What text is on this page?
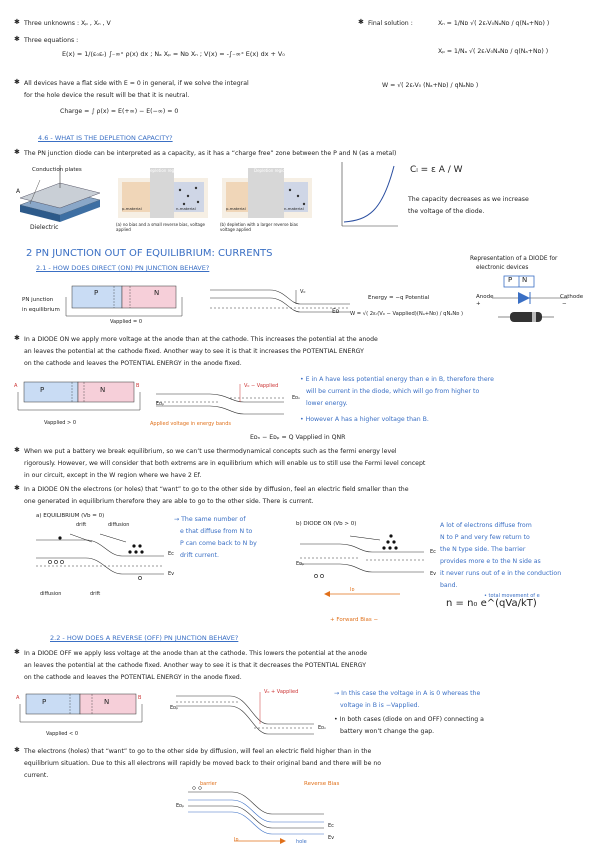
✱ Three unknowns : Xₚ , Xₙ , V
✱ Three equations :
E(x) = 1/(ε₀εᵣ) ∫₋∞ˣ ρ(x) dx ; Nₐ Xₚ = Nᴅ Xₙ ; V(x) = -∫₋∞ˣ E(x) dx + V₀
✱ All devices have a flat side with E = 0 in general, if we solve the integral
for the hole device the result will be that it is neutral.
Charge = ∫ ρ(x) = E(+∞) − E(−∞) = 0
✱ Final solution :	Xₙ = 1/Nᴅ √( 2εᵣV₀NₐNᴅ / q(Nₐ+Nᴅ) )
Xₚ = 1/Nₐ √( 2εᵣV₀NₐNᴅ / q(Nₐ+Nᴅ) )
W = √( 2εᵣV₀ (Nₐ+Nᴅ) / qNₐNᴅ )
4.6 - WHAT IS THE DEPLETION CAPACITY?
✱ The PN junction diode can be interpreted as a capacity, as it has a “charge free” zone between the P and N (as a metal)
Conduction plates
Dielectric
A
Depletion region
p-material	n-material
(a) no bias and a small reverse bias, voltage applied
Depletion region
p-material	n-material
(b) depletion with a larger reverse bias voltage applied
Cₗ = ε A / W
The capacity decreases as we increase
the voltage of the diode.
2 PN JUNCTION OUT OF EQUILIBRIUM: CURRENTS
2.1 - HOW DOES DIRECT (ON) PN JUNCTION BEHAVE?
Representation of a DIODE for
electronic devices
P N
Anode
+
Cathode
−
PN junction
in equilibrium
P	N
Vapplied = 0
V₀
Eᴅ
Energy = −q Potential
W = √( 2εᵣ(V₀ − Vapplied)(Nₐ+Nᴅ) / qNₐNᴅ )
✱ In a DIODE ON we apply more voltage at the anode than at the cathode. This increases the potential at the anode
an leaves the potential at the cathode fixed. Another way to see it is that it increases the POTENTIAL ENERGY
on the cathode and leaves the POTENTIAL ENERGY in the anode fixed.
P	N
A	B
Vapplied > 0
V₀ − Vapplied
Eᴅₚ
Eᴅₙ
Applied voltage in energy bands
• E in A have less potential energy than e in B, therefore there
will be current in the diode, which will go from higher to
lower energy.
• However A has a higher voltage than B.
Eᴅₙ − Eᴅₚ = Q Vapplied in QNR
✱ When we put a battery we break equilibrium, so we can’t use thermodynamical concepts such as the fermi energy level
rigorously. However, we will consider that both extrems are in equilibrium which will enable us to still use the Fermi level concept
in our circuit, except in the W region where we have 2 Ef.
✱ In a DIODE ON the electrons (or holes) that “want” to go to the other side by diffusion, feel an electric field smaller than the
one generated in equilibrium therefore they are able to go to the other side. There is current.
a) EQUILIBRIUM (Vb = 0)
drift	diffusion
Eᴄ
Eᴠ
diffusion	drift
→ The same number of
e that diffuse from N to
P can come back to N by
drift current.
b) DIODE ON (Vb > 0)
Eᴄ
Eᴠ
Iᴅ
Eᴅₚ
+ Forward Bias −
A lot of electrons diffuse from
N to P and very few return to
the N type side. The barrier
provides more e to the N side as
it never runs out of e in the conduction
band.
• total movement of e
n = n₀ e^(qVa/kT)
2.2 - HOW DOES A REVERSE (OFF) PN JUNCTION BEHAVE?
✱ In a DIODE OFF we apply less voltage at the anode than at the cathode. This lowers the potential at the anode
an leaves the potential at the cathode fixed. Another way to see it is that it decreases the POTENTIAL ENERGY
on the cathode and leaves the POTENTIAL ENERGY in the anode fixed.
P	N
A	B
Vapplied < 0
V₀ + Vapplied
Eᴅₚ
Eᴅₙ
→ In this case the voltage in A is 0 whereas the
voltage in B is −Vapplied.
• In both cases (diode on and OFF) connecting a
battery won’t change the gap.
✱ The electrons (holes) that “want” to go to the other side by diffusion, will feel an electric field higher than in the
equilibrium situation. Due to this all electrons will rapidly be moved back to their original band and there will be no
current.
barrier	Reverse Bias
Eᴅₚ
Eᴄ
Eᴠ
Iᴅ	hole
